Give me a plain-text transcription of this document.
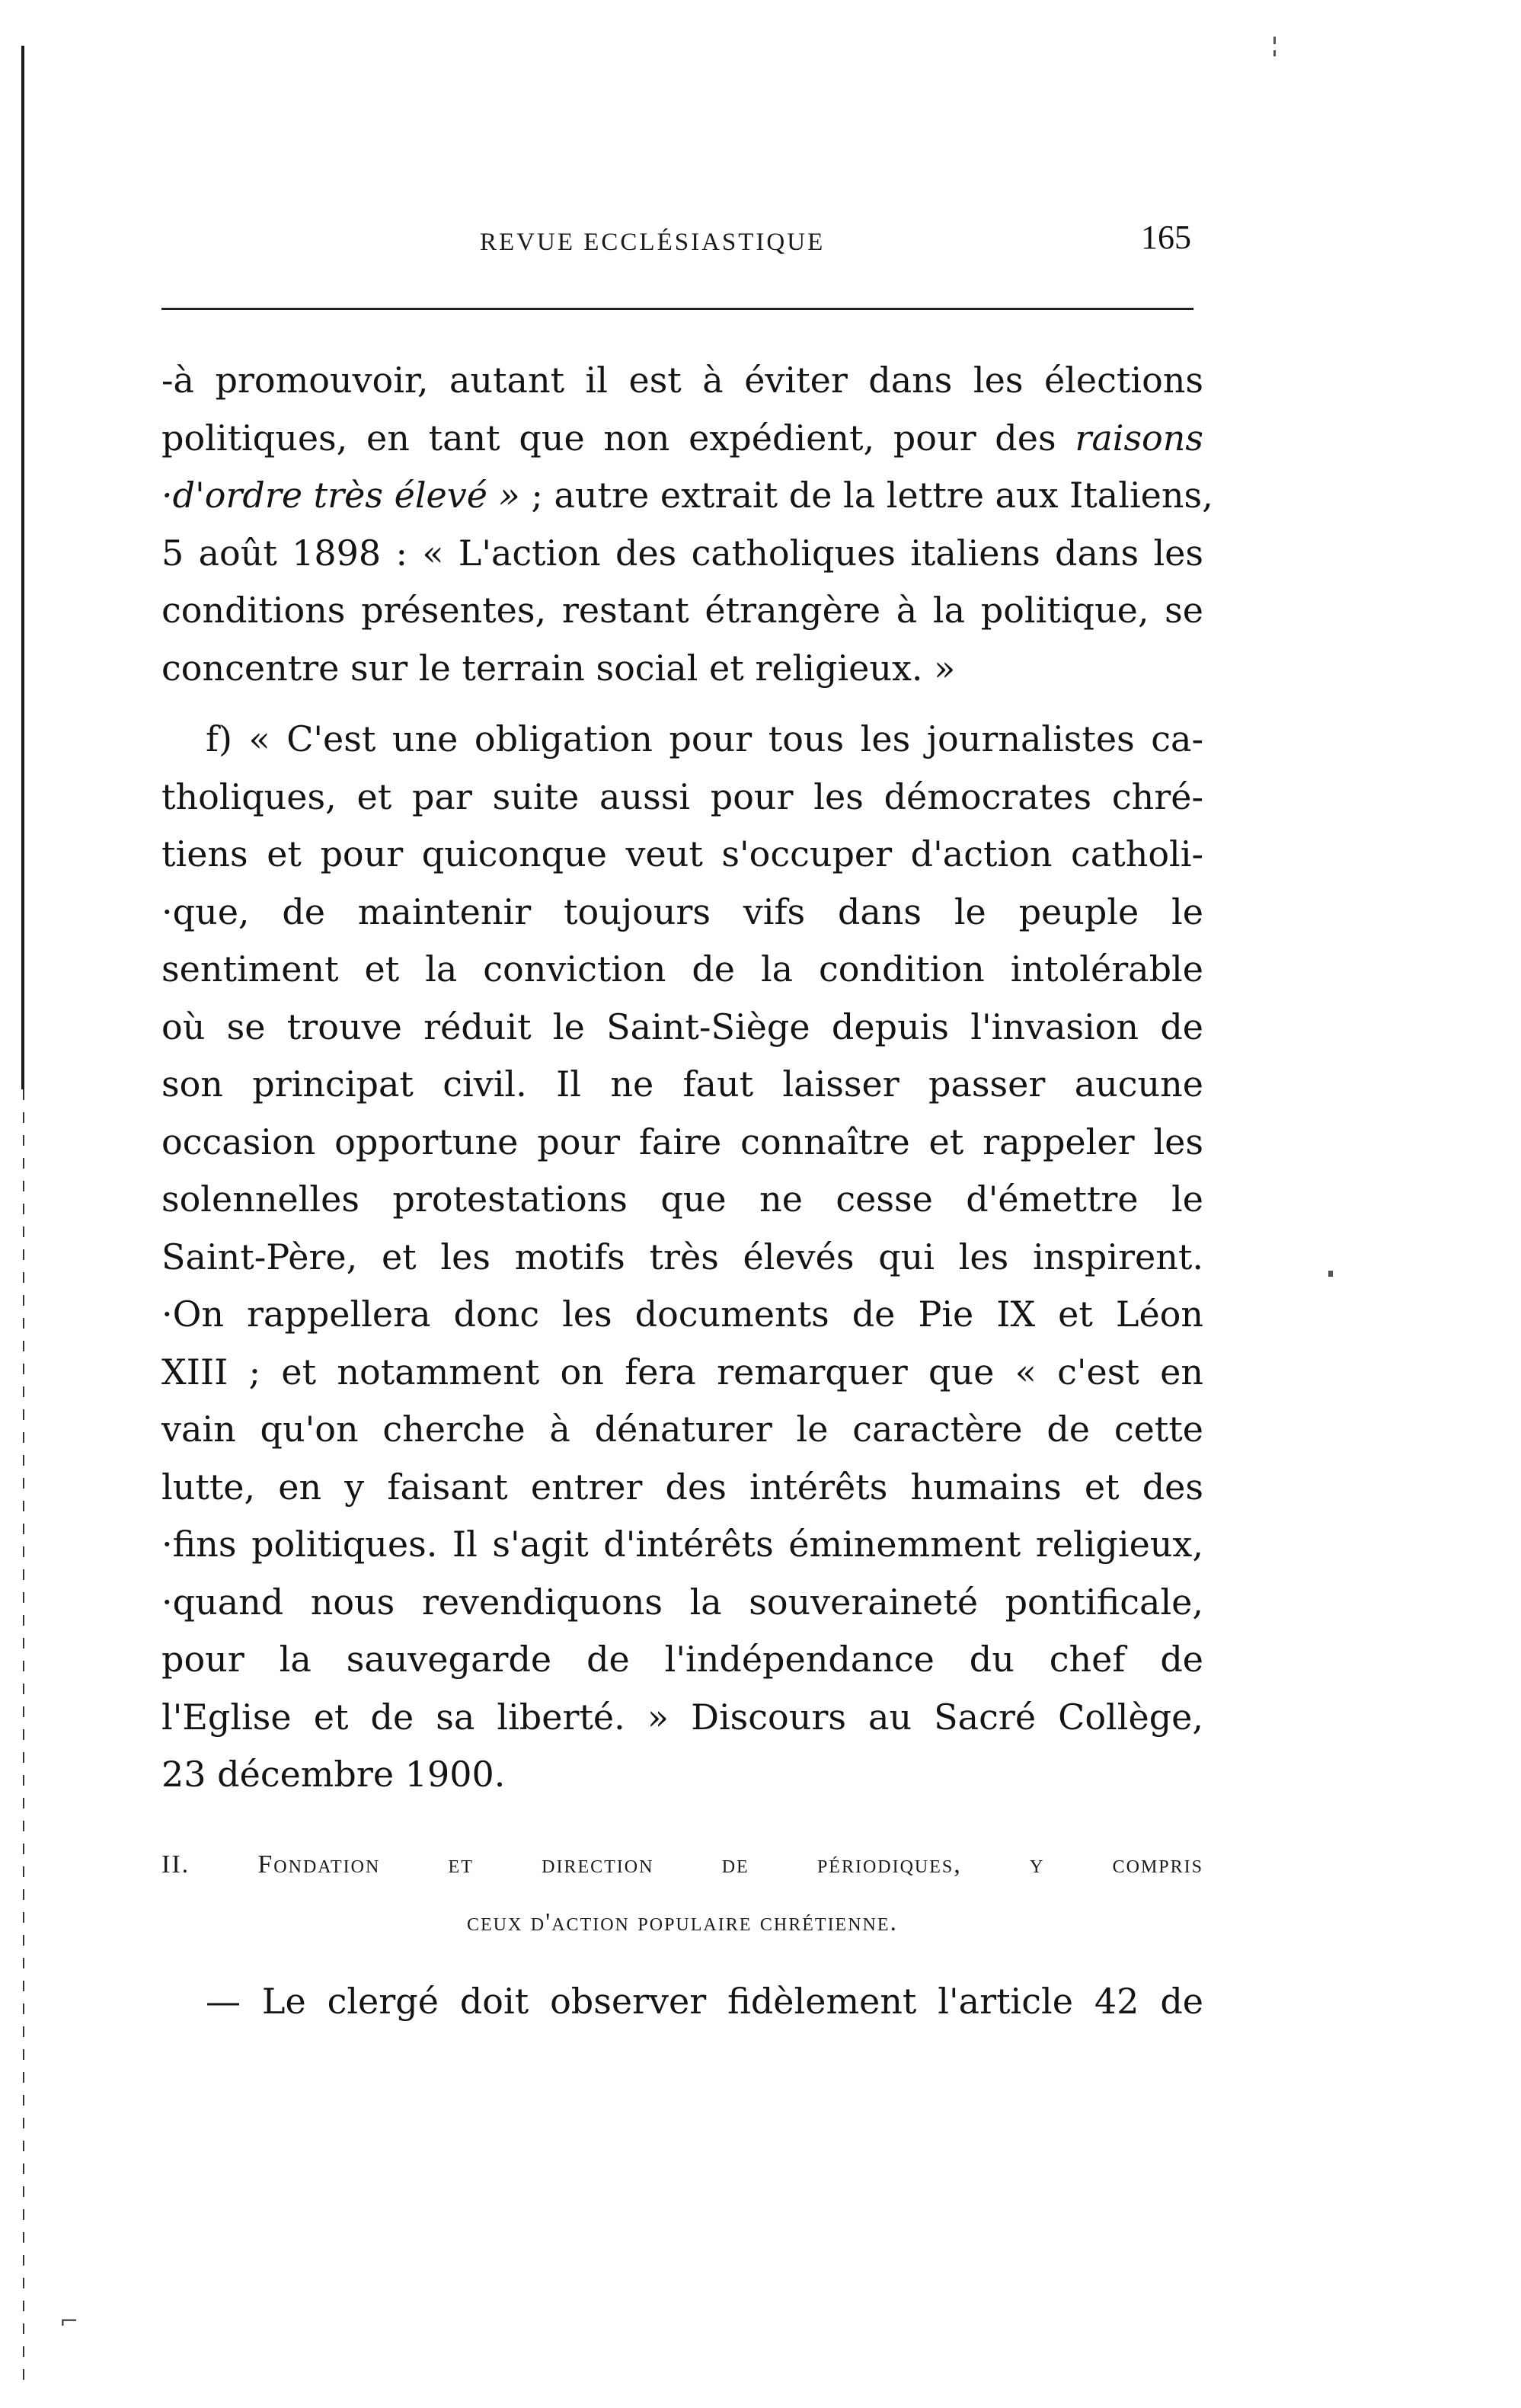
REVUE ECCLÉSIASTIQUE	165

-à promouvoir, autant il est à éviter dans les élections
politiques, en tant que non expédient, pour des raisons
·d'ordre très élevé » ; autre extrait de la lettre aux Italiens,
5 août 1898 : « L'action des catholiques italiens dans les
conditions présentes, restant étrangère à la politique, se
concentre sur le terrain social et religieux. »

f) « C'est une obligation pour tous les journalistes ca-
tholiques, et par suite aussi pour les démocrates chré-
tiens et pour quiconque veut s'occuper d'action catholi-
·que, de maintenir toujours vifs dans le peuple le
sentiment et la conviction de la condition intolérable
où se trouve réduit le Saint-Siège depuis l'invasion de
son principat civil. Il ne faut laisser passer aucune
occasion opportune pour faire connaître et rappeler les
solennelles protestations que ne cesse d'émettre le
Saint-Père, et les motifs très élevés qui les inspirent.
·On rappellera donc les documents de Pie IX et Léon
XIII ; et notamment on fera remarquer que « c'est en
vain qu'on cherche à dénaturer le caractère de cette
lutte, en y faisant entrer des intérêts humains et des
·fins politiques. Il s'agit d'intérêts éminemment religieux,
·quand nous revendiquons la souveraineté pontificale,
pour la sauvegarde de l'indépendance du chef de
l'Eglise et de sa liberté. » Discours au Sacré Collège,
23 décembre 1900.

II. Fondation et direction de périodiques, y compris
ceux d'action populaire chrétienne.
— Le clergé doit observer fidèlement l'article 42 de
⌐
